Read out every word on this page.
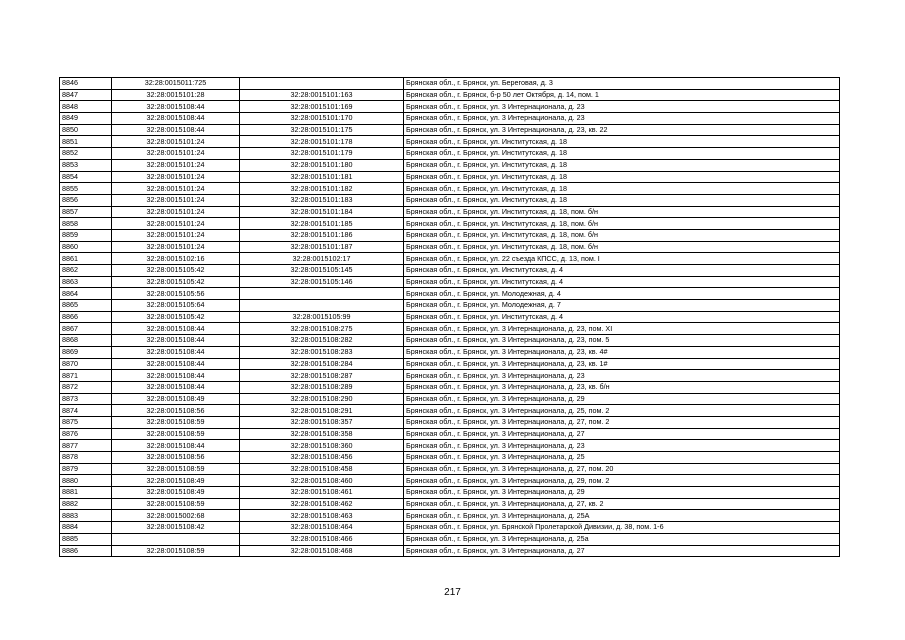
8846	32:28:0015011:725		Брянская обл., г. Брянск, ул. Береговая, д. 3
8847	32:28:0015101:28	32:28:0015101:163	Брянская обл., г. Брянск, б-р 50 лет Октября, д. 14, пом. 1
8848	32:28:0015108:44	32:28:0015101:169	Брянская обл., г. Брянск, ул. 3 Интернационала, д. 23
8849	32:28:0015108:44	32:28:0015101:170	Брянская обл., г. Брянск, ул. 3 Интернационала, д. 23
8850	32:28:0015108:44	32:28:0015101:175	Брянская обл., г. Брянск, ул. 3 Интернационала, д. 23, кв. 22
8851	32:28:0015101:24	32:28:0015101:178	Брянская обл., г. Брянск, ул. Институтская, д. 18
8852	32:28:0015101:24	32:28:0015101:179	Брянская обл., г. Брянск, ул. Институтская, д. 18
8853	32:28:0015101:24	32:28:0015101:180	Брянская обл., г. Брянск, ул. Институтская, д. 18
8854	32:28:0015101:24	32:28:0015101:181	Брянская обл., г. Брянск, ул. Институтская, д. 18
8855	32:28:0015101:24	32:28:0015101:182	Брянская обл., г. Брянск, ул. Институтская, д. 18
8856	32:28:0015101:24	32:28:0015101:183	Брянская обл., г. Брянск, ул. Институтская, д. 18
8857	32:28:0015101:24	32:28:0015101:184	Брянская обл., г. Брянск, ул. Институтская, д. 18, пом. б/н
8858	32:28:0015101:24	32:28:0015101:185	Брянская обл., г. Брянск, ул. Институтская, д. 18, пом. б/н
8859	32:28:0015101:24	32:28:0015101:186	Брянская обл., г. Брянск, ул. Институтская, д. 18, пом. б/н
8860	32:28:0015101:24	32:28:0015101:187	Брянская обл., г. Брянск, ул. Институтская, д. 18, пом. б/н
8861	32:28:0015102:16	32:28:0015102:17	Брянская обл., г. Брянск, ул. 22 съезда КПСС, д. 13, пом. I
8862	32:28:0015105:42	32:28:0015105:145	Брянская обл., г. Брянск, ул. Институтская, д. 4
8863	32:28:0015105:42	32:28:0015105:146	Брянская обл., г. Брянск, ул. Институтская, д. 4
8864	32:28:0015105:56		Брянская обл., г. Брянск, ул. Молодежная, д. 4
8865	32:28:0015105:64		Брянская обл., г. Брянск, ул. Молодежная, д. 7
8866	32:28:0015105:42	32:28:0015105:99	Брянская обл., г. Брянск, ул. Институтская, д. 4
8867	32:28:0015108:44	32:28:0015108:275	Брянская обл., г. Брянск, ул. 3 Интернационала, д. 23, пом. XI
8868	32:28:0015108:44	32:28:0015108:282	Брянская обл., г. Брянск, ул. 3 Интернационала, д. 23, пом. 5
8869	32:28:0015108:44	32:28:0015108:283	Брянская обл., г. Брянск, ул. 3 Интернационала, д. 23, кв. 4#
8870	32:28:0015108:44	32:28:0015108:284	Брянская обл., г. Брянск, ул. 3 Интернационала, д. 23, кв. 1#
8871	32:28:0015108:44	32:28:0015108:287	Брянская обл., г. Брянск, ул. 3 Интернационала, д. 23
8872	32:28:0015108:44	32:28:0015108:289	Брянская обл., г. Брянск, ул. 3 Интернационала, д. 23, кв. б/н
8873	32:28:0015108:49	32:28:0015108:290	Брянская обл., г. Брянск, ул. 3 Интернационала, д. 29
8874	32:28:0015108:56	32:28:0015108:291	Брянская обл., г. Брянск, ул. 3 Интернационала, д. 25, пом. 2
8875	32:28:0015108:59	32:28:0015108:357	Брянская обл., г. Брянск, ул. 3 Интернационала, д. 27, пом. 2
8876	32:28:0015108:59	32:28:0015108:358	Брянская обл., г. Брянск, ул. 3 Интернационала, д. 27
8877	32:28:0015108:44	32:28:0015108:360	Брянская обл., г. Брянск, ул. 3 Интернационала, д. 23
8878	32:28:0015108:56	32:28:0015108:456	Брянская обл., г. Брянск, ул. 3 Интернационала, д. 25
8879	32:28:0015108:59	32:28:0015108:458	Брянская обл., г. Брянск, ул. 3 Интернационала, д. 27, пом. 20
8880	32:28:0015108:49	32:28:0015108:460	Брянская обл., г. Брянск, ул. 3 Интернационала, д. 29, пом. 2
8881	32:28:0015108:49	32:28:0015108:461	Брянская обл., г. Брянск, ул. 3 Интернационала, д. 29
8882	32:28:0015108:59	32:28:0015108:462	Брянская обл., г. Брянск, ул. 3 Интернационала, д. 27, кв. 2
8883	32:28:0015002:68	32:28:0015108:463	Брянская обл., г. Брянск, ул. 3 Интернационала, д. 25А
8884	32:28:0015108:42	32:28:0015108:464	Брянская обл., г. Брянск, ул. Брянской Пролетарской Дивизии, д. 38, пом. 1-6
8885		32:28:0015108:466	Брянская обл., г. Брянск, ул. 3 Интернационала, д. 25а
8886	32:28:0015108:59	32:28:0015108:468	Брянская обл., г. Брянск, ул. 3 Интернационала, д. 27
217
